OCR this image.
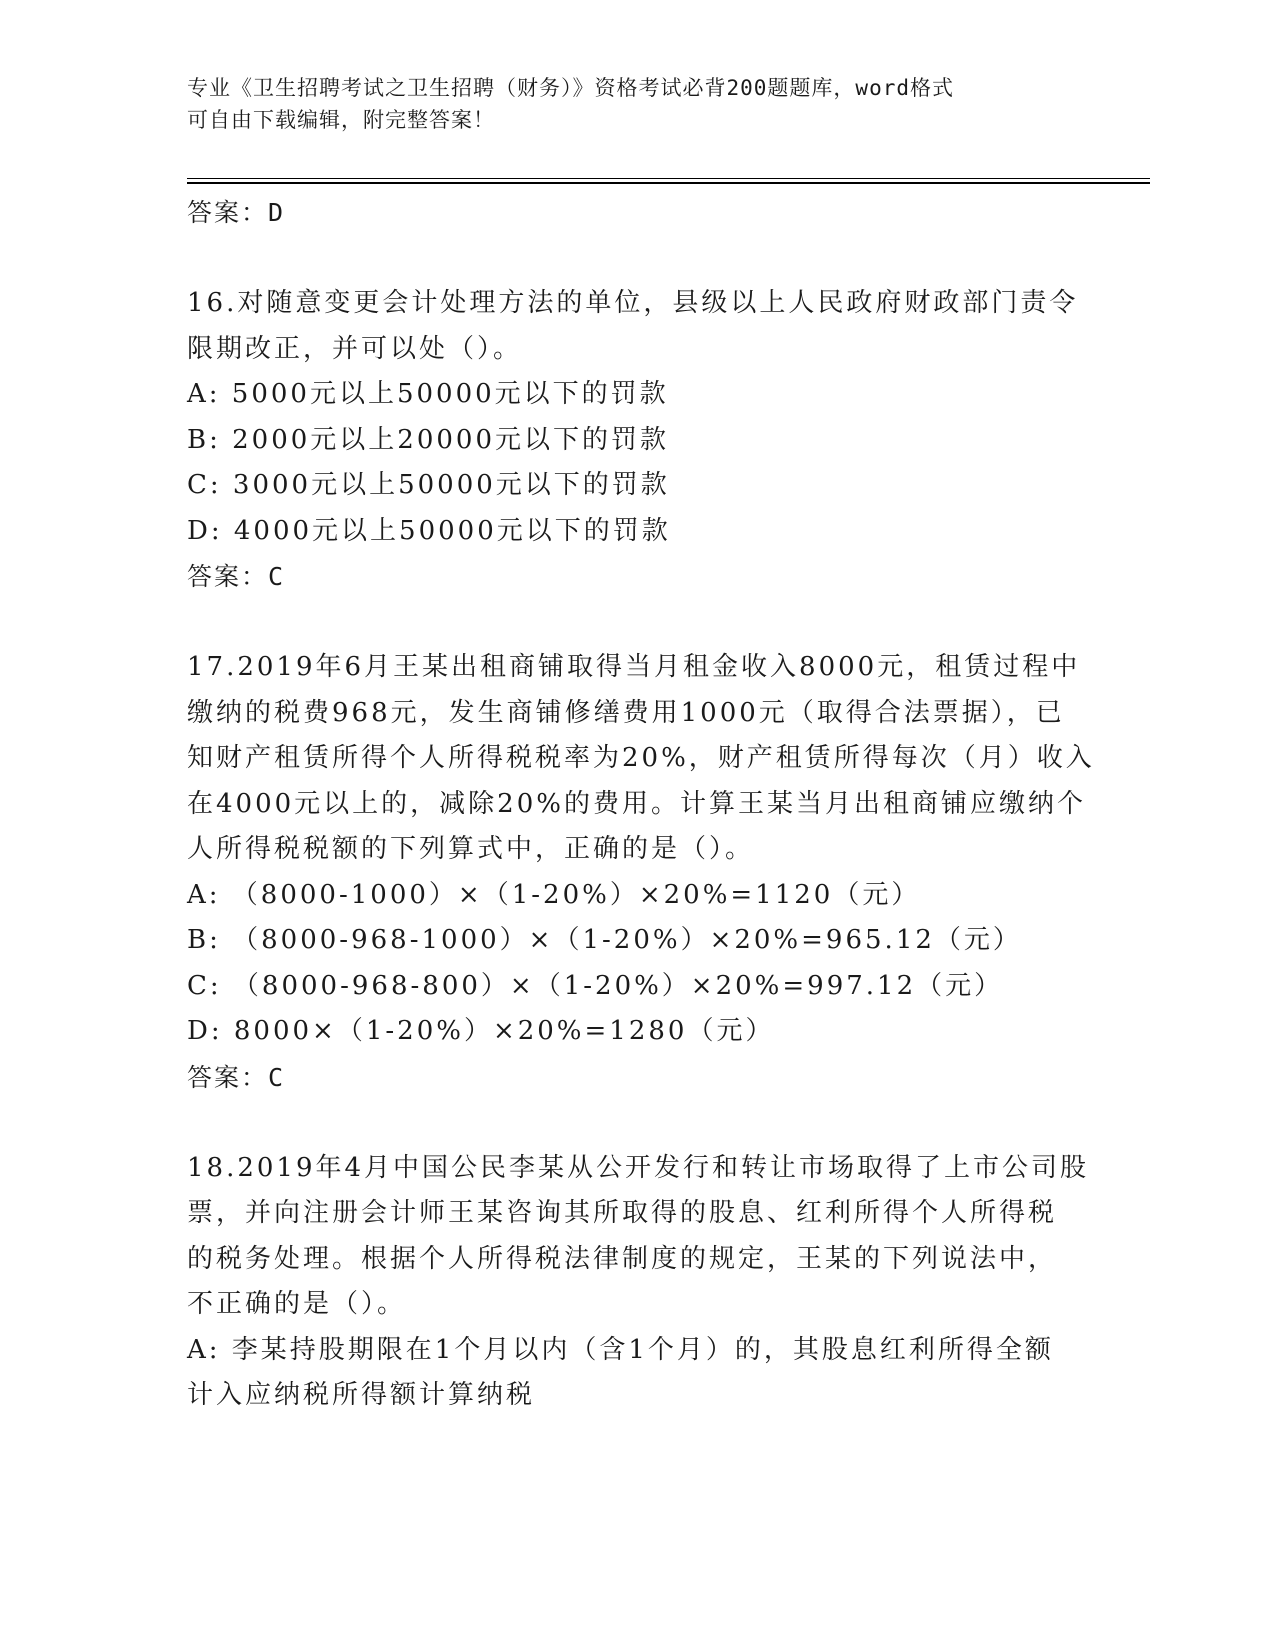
专业《卫生招聘考试之卫生招聘（财务）》资格考试必背200题题库，word格式
可自由下载编辑，附完整答案！
答案：D
16.对随意变更会计处理方法的单位，县级以上人民政府财政部门责令
限期改正，并可以处（）。
A: 5000元以上50000元以下的罚款
B: 2000元以上20000元以下的罚款
C: 3000元以上50000元以下的罚款
D: 4000元以上50000元以下的罚款
答案：C
17.2019年6月王某出租商铺取得当月租金收入8000元，租赁过程中
缴纳的税费968元，发生商铺修缮费用1000元（取得合法票据），已
知财产租赁所得个人所得税税率为20%，财产租赁所得每次（月）收入
在4000元以上的，减除20%的费用。计算王某当月出租商铺应缴纳个
人所得税税额的下列算式中，正确的是（）。
A: （8000-1000）×（1-20%）×20%=1120（元）
B: （8000-968-1000）×（1-20%）×20%=965.12（元）
C: （8000-968-800）×（1-20%）×20%=997.12（元）
D: 8000×（1-20%）×20%=1280（元）
答案：C
18.2019年4月中国公民李某从公开发行和转让市场取得了上市公司股
票，并向注册会计师王某咨询其所取得的股息、红利所得个人所得税
的税务处理。根据个人所得税法律制度的规定，王某的下列说法中，
不正确的是（）。
A: 李某持股期限在1个月以内（含1个月）的，其股息红利所得全额
计入应纳税所得额计算纳税
